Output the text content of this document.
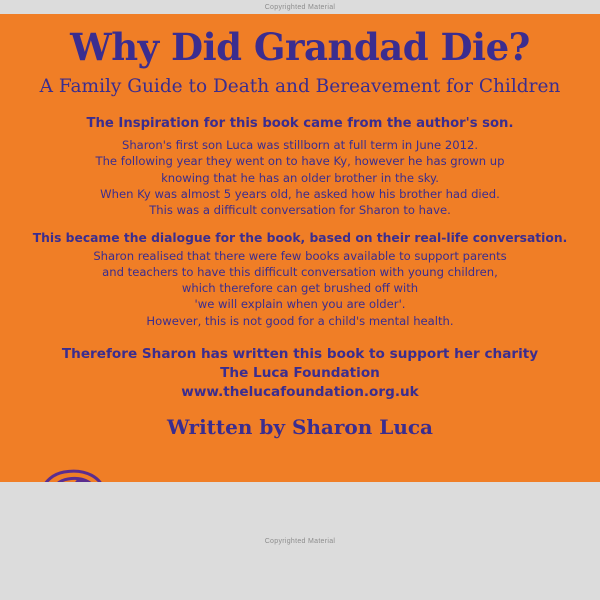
Copyrighted Material
Why Did Grandad Die?
A Family Guide to Death and Bereavement for Children
The Inspiration for this book came from the author's son.
Sharon's first son Luca was stillborn at full term in June 2012.
The following year they went on to have Ky, however he has grown up
knowing that he has an older brother in the sky.
When Ky was almost 5 years old, he asked how his brother had died.
This was a difficult conversation for Sharon to have.
This became the dialogue for the book, based on their real-life conversation.
Sharon realised that there were few books available to support parents
and teachers to have this difficult conversation with young children,
which therefore can get brushed off with
'we will explain when you are older'.
However, this is not good for a child's mental health.
Therefore Sharon has written this book to support her charity
The Luca Foundation
www.thelucafoundation.org.uk
Written by Sharon Luca
Copyrighted Material
